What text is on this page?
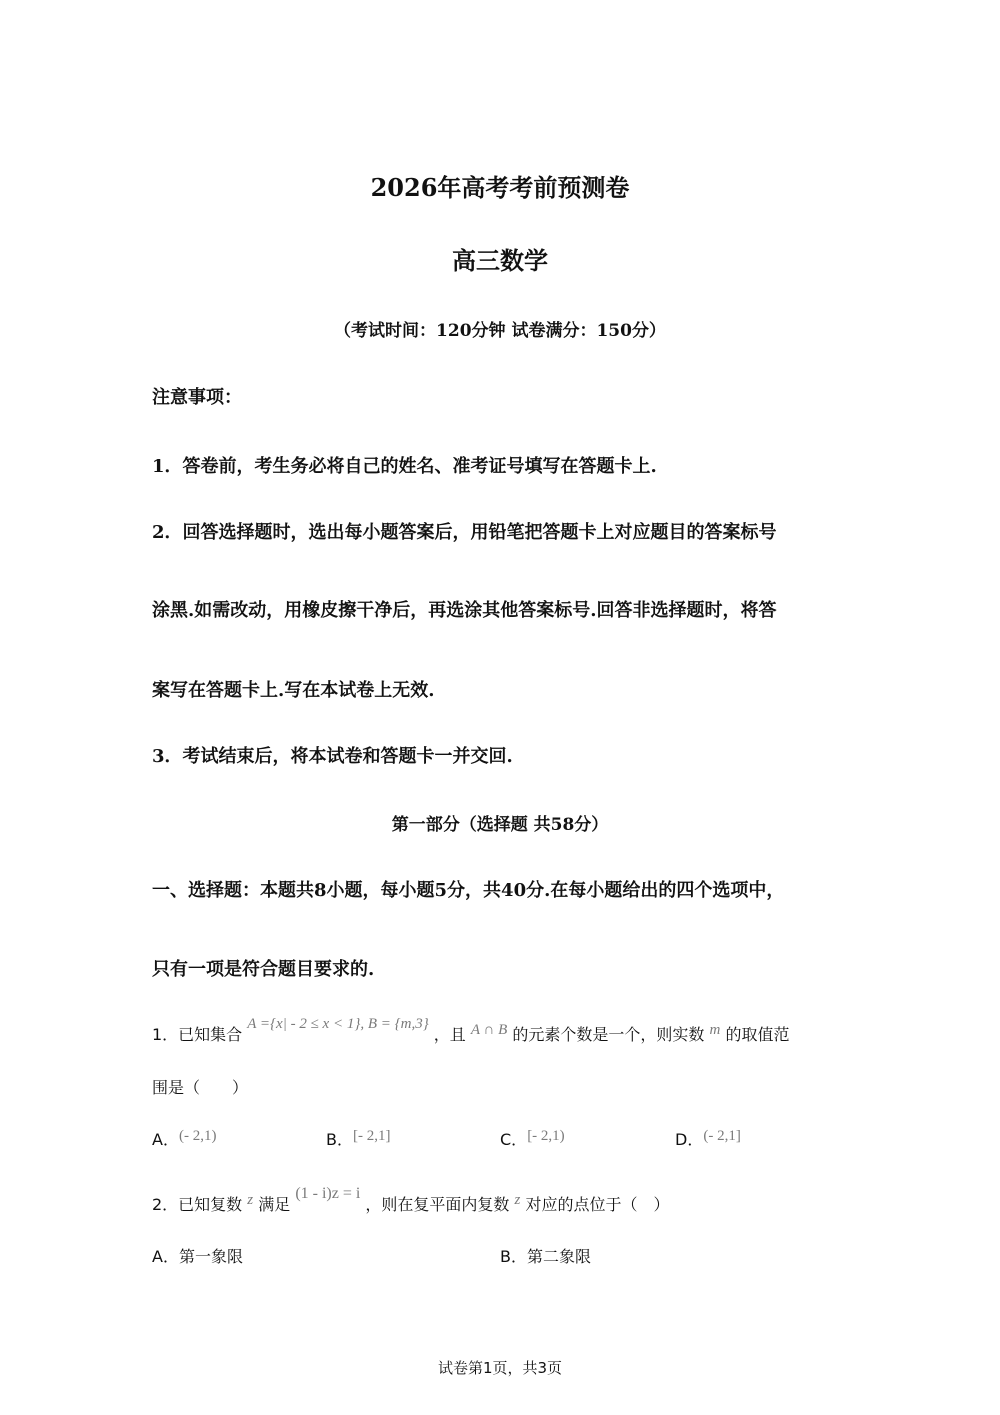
2026年高考考前预测卷
高三数学
（考试时间：120分钟 试卷满分：150分）
注意事项：
1．答卷前，考生务必将自己的姓名、准考证号填写在答题卡上.
2．回答选择题时，选出每小题答案后，用铅笔把答题卡上对应题目的答案标号
涂黑.如需改动，用橡皮擦干净后，再选涂其他答案标号.回答非选择题时，将答
案写在答题卡上.写在本试卷上无效.
3．考试结束后，将本试卷和答题卡一并交回.
第一部分（选择题 共58分）
一、选择题：本题共8小题，每小题5分，共40分.在每小题给出的四个选项中，
只有一项是符合题目要求的.
1．已知集合 A ={x| - 2 ≤ x < 1}, B = {m,3} ，且 A ∩ B 的元素个数是一个，则实数 m 的取值范
围是（　　）
A．(- 2,1)	B．[- 2,1]	C．[- 2,1)	D．(- 2,1]
2．已知复数 z 满足 (1 - i)z = i ，则在复平面内复数 z 对应的点位于（　）
A．第一象限	B．第二象限
试卷第1页，共3页
